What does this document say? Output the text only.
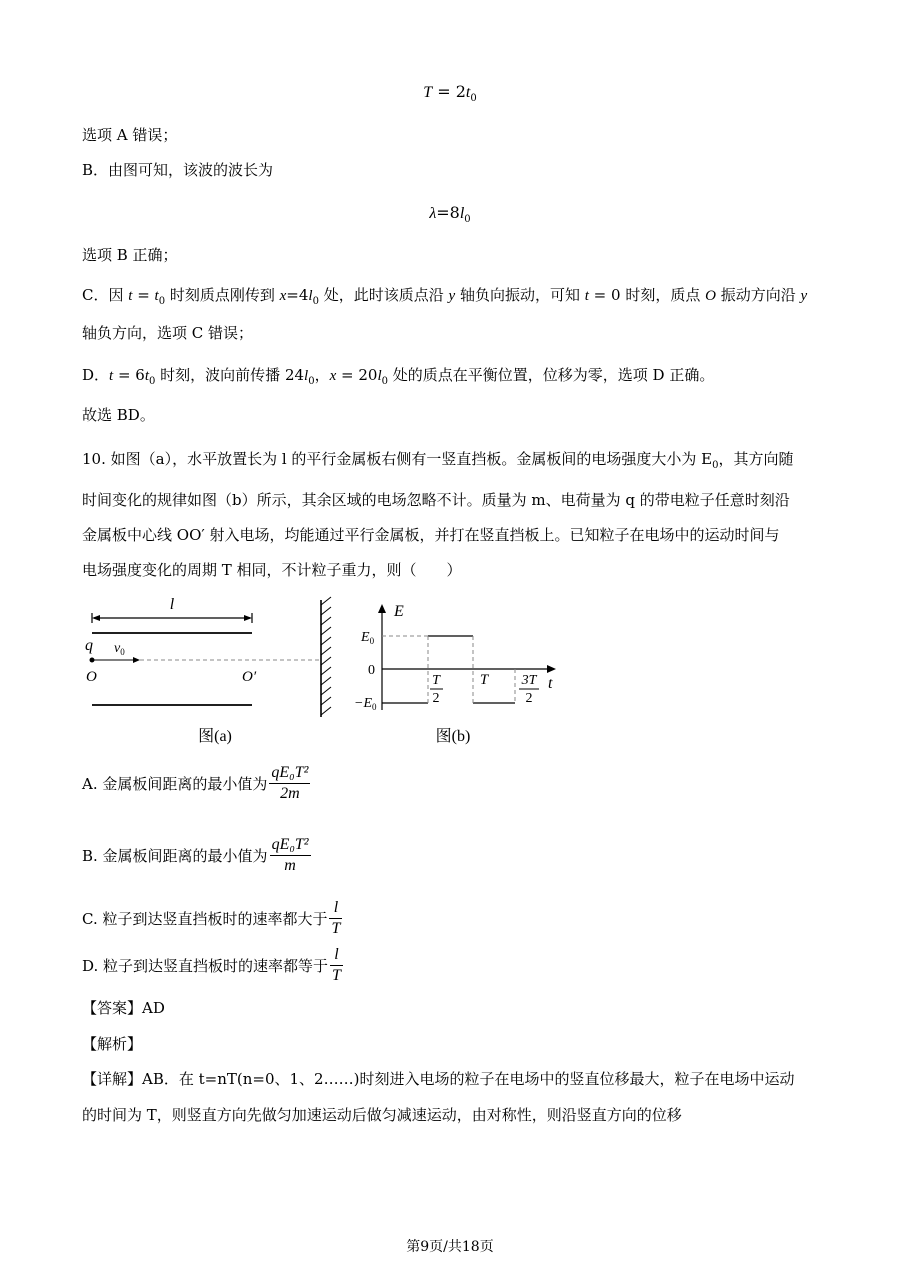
$T = 2t_0$
选项 A 错误；
B．由图可知，该波的波长为
$\lambda=8l_0$
选项 B 正确；
C．因 $t = t_0$ 时刻质点刚传到 $x=4l_0$ 处，此时该质点沿 y 轴负向振动，可知 t = 0 时刻，质点 O 振动方向沿 y
轴负方向，选项 C 错误；
D．$t = 6t_0$ 时刻，波向前传播 $24l_0$，$x = 20l_0$ 处的质点在平衡位置，位移为零，选项 D 正确。
故选 BD。
10. 如图（a），水平放置长为 l 的平行金属板右侧有一竖直挡板。金属板间的电场强度大小为 $E_0$，其方向随
时间变化的规律如图（b）所示，其余区域的电场忽略不计。质量为 m、电荷量为 q 的带电粒子任意时刻沿
金属板中心线 OO′ 射入电场，均能通过平行金属板，并打在竖直挡板上。已知粒子在电场中的运动时间与
电场强度变化的周期 T 相同，不计粒子重力，则（　　）
l
q $v_0$
O	O′
图(a)
E
t
$E_0$
0
$-E_0$
T
2
T 3T
2
图(b)
A. 金属板间距离的最小值为 $\frac{\text{qE₀T²}}{2m}$
B. 金属板间距离的最小值为 $\frac{\text{qE₀T²}}{m}$
C. 粒子到达竖直挡板时的速率都大于 $\frac{l}{T}$
D. 粒子到达竖直挡板时的速率都等于 $\frac{l}{T}$
【答案】AD
【解析】
【详解】AB．在 t=nT(n=0、1、2……)时刻进入电场的粒子在电场中的竖直位移最大，粒子在电场中运动
的时间为 T，则竖直方向先做匀加速运动后做匀减速运动，由对称性，则沿竖直方向的位移
第9页/共18页
